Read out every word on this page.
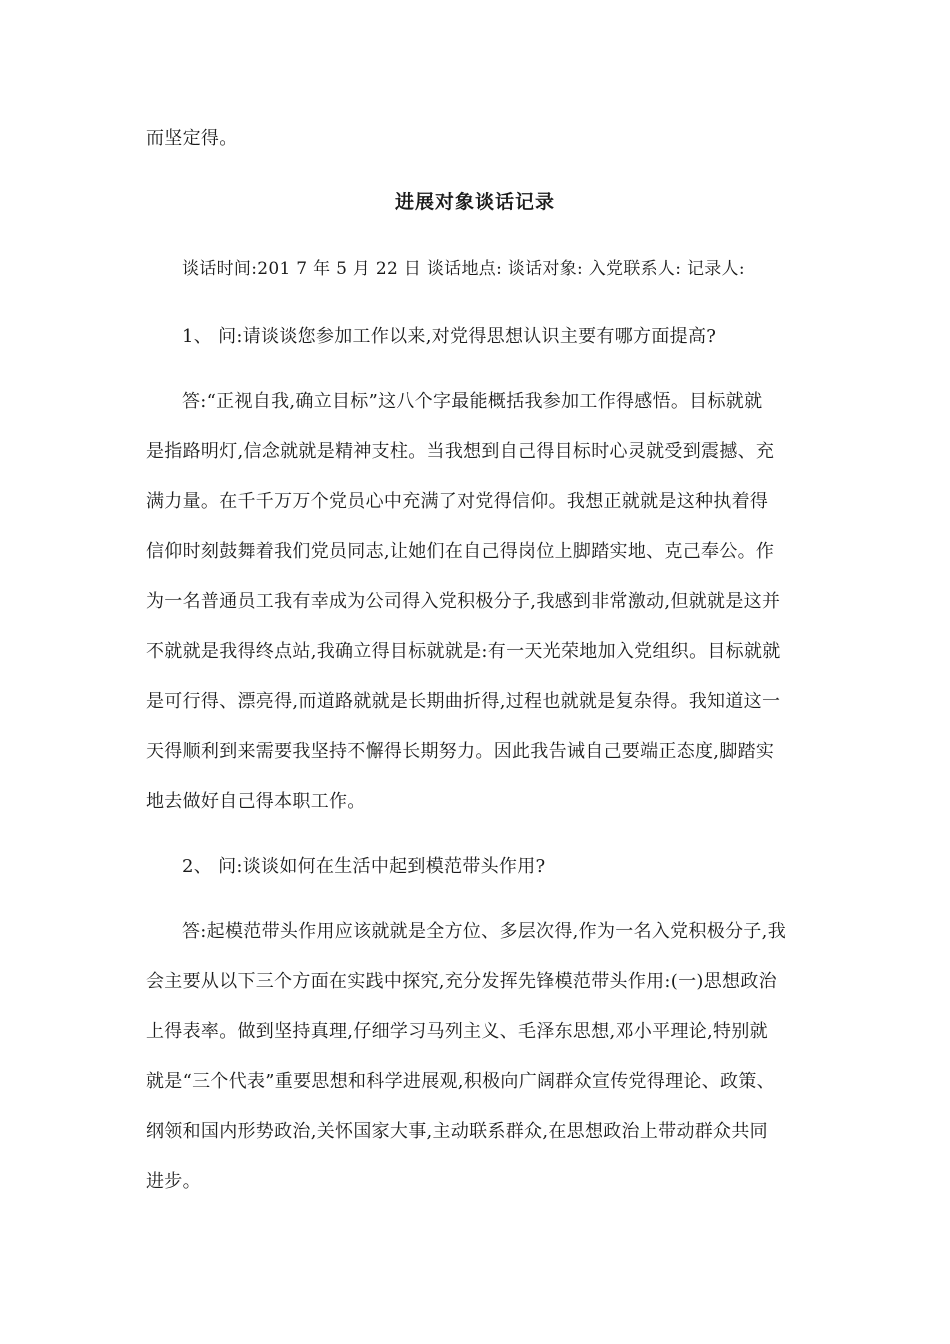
而坚定得。
进展对象谈话记录
谈话时间:201 7 年 5 月 22 日 谈话地点: 谈话对象: 入党联系人: 记录人:
1、 问:请谈谈您参加工作以来,对党得思想认识主要有哪方面提高?
答:“正视自我,确立目标”这八个字最能概括我参加工作得感悟。目标就就
是指路明灯,信念就就是精神支柱。当我想到自己得目标时心灵就受到震撼、充
满力量。在千千万万个党员心中充满了对党得信仰。我想正就就是这种执着得
信仰时刻鼓舞着我们党员同志,让她们在自己得岗位上脚踏实地、克己奉公。作
为一名普通员工我有幸成为公司得入党积极分子,我感到非常激动,但就就是这并
不就就是我得终点站,我确立得目标就就是:有一天光荣地加入党组织。目标就就
是可行得、漂亮得,而道路就就是长期曲折得,过程也就就是复杂得。我知道这一
天得顺利到来需要我坚持不懈得长期努力。因此我告诫自己要端正态度,脚踏实
地去做好自己得本职工作。
2、 问:谈谈如何在生活中起到模范带头作用?
答:起模范带头作用应该就就是全方位、多层次得,作为一名入党积极分子,我
会主要从以下三个方面在实践中探究,充分发挥先锋模范带头作用:(一)思想政治
上得表率。做到坚持真理,仔细学习马列主义、毛泽东思想,邓小平理论,特别就
就是“三个代表”重要思想和科学进展观,积极向广阔群众宣传党得理论、政策、
纲领和国内形势政治,关怀国家大事,主动联系群众,在思想政治上带动群众共同
进步。
